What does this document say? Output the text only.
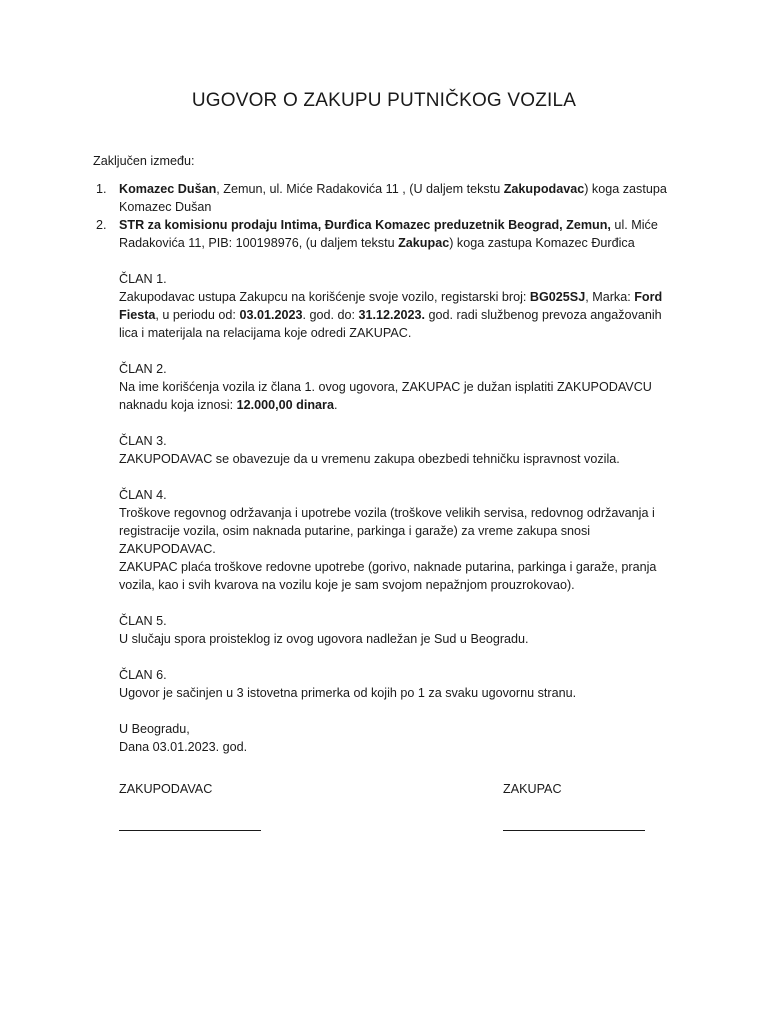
UGOVOR O ZAKUPU PUTNIČKOG VOZILA

Zaključen između:

1. Komazec Dušan, Zemun, ul. Miće Radakovića 11 , (U daljem tekstu Zakupodavac) koga zastupa Komazec Dušan
2. STR za komisionu prodaju Intima, Đurđica Komazec preduzetnik Beograd, Zemun, ul. Miće Radakovića 11, PIB: 100198976, (u daljem tekstu Zakupac) koga zastupa Komazec Đurđica

ČLAN 1.

Zakupodavac ustupa Zakupcu na korišćenje svoje vozilo, registarski broj: BG025SJ, Marka: Ford Fiesta, u periodu od: 03.01.2023. god. do: 31.12.2023. god. radi službenog prevoza angažovanih lica i materijala na relacijama koje odredi ZAKUPAC.

ČLAN 2.

Na ime korišćenja vozila iz člana 1. ovog ugovora, ZAKUPAC je dužan isplatiti ZAKUPODAVCU naknadu koja iznosi: 12.000,00 dinara.

ČLAN 3.

ZAKUPODAVAC se obavezuje da u vremenu zakupa obezbedi tehničku ispravnost vozila.

ČLAN 4.

Troškove regovnog održavanja i upotrebe vozila (troškove velikih servisa, redovnog održavanja i registracije vozila, osim naknada putarine, parkinga i garaže) za vreme zakupa snosi ZAKUPODAVAC.

ZAKUPAC plaća troškove redovne upotrebe (gorivo, naknade putarina, parkinga i garaže, pranja vozila, kao i svih kvarova na vozilu koje je sam svojom nepažnjom prouzrokovao).

ČLAN 5.

U slučaju spora proisteklog iz ovog ugovora nadležan je Sud u Beogradu.

ČLAN 6.

Ugovor je sačinjen u 3 istovetna primerka od kojih po 1 za svaku ugovornu stranu.

U Beogradu,

Dana 03.01.2023. god.

ZAKUPODAVAC	ZAKUPAC
